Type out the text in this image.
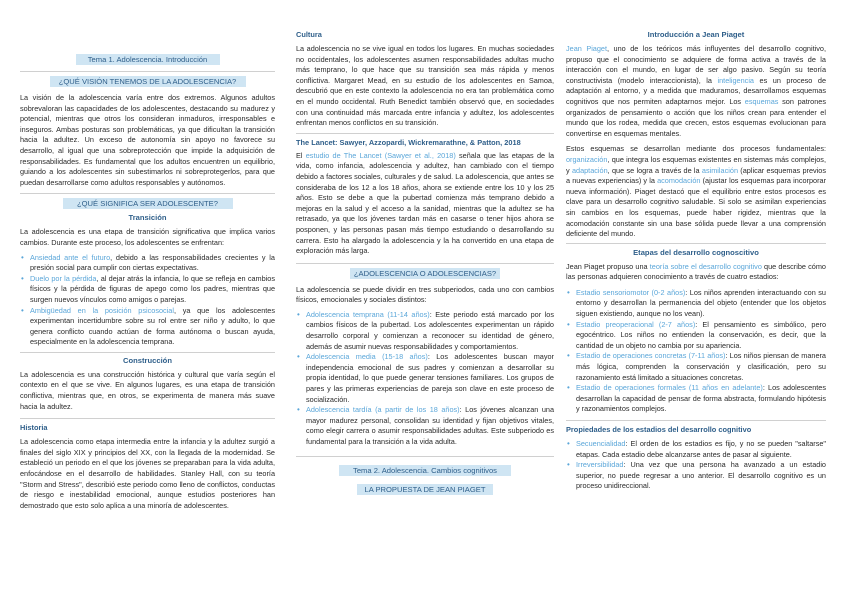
Tema 1. Adolescencia. Introducción
¿QUÉ VISIÓN TENEMOS DE LA ADOLESCENCIA?

La visión de la adolescencia varía entre dos extremos. Algunos adultos sobrevaloran las capacidades de los adolescentes, destacando su madurez y potencial, mientras que otros los consideran inmaduros, irresponsables e inseguros. Ambas posturas son problemáticas, ya que dificultan la transición hacia la adultez. Un exceso de autonomía sin apoyo no favorece su desarrollo, al igual que una sobreprotección que impide la adquisición de responsabilidades. Es fundamental que los adultos encuentren un equilibrio, guiando a los adolescentes sin subestimarlos ni sobreprotegerlos, para que puedan desarrollarse como adultos responsables y autónomos.

¿QUÉ SIGNIFICA SER ADOLESCENTE?
Transición

La adolescencia es una etapa de transición significativa que implica varios cambios. Durante este proceso, los adolescentes se enfrentan:

• Ansiedad ante el futuro, debido a las responsabilidades crecientes y la presión social para cumplir con ciertas expectativas.
• Duelo por la pérdida, al dejar atrás la infancia, lo que se refleja en cambios físicos y la pérdida de figuras de apego como los padres, mientras que surgen nuevos vínculos como amigos o parejas.
• Ambigüedad en la posición psicosocial, ya que los adolescentes experimentan incertidumbre sobre su rol entre ser niño y adulto, lo que genera conflicto cuando actúan de forma autónoma o buscan ayuda, especialmente en la adolescencia temprana.
Construcción

La adolescencia es una construcción histórica y cultural que varía según el contexto en el que se vive. En algunos lugares, es una etapa de transición conflictiva, mientras que, en otros, se experimenta de manera más suave hacia la adultez.

Historia

La adolescencia como etapa intermedia entre la infancia y la adultez surgió a finales del siglo XIX y principios del XX, con la llegada de la modernidad. Se estableció un periodo en el que los jóvenes se preparaban para la vida adulta, enfocándose en el desarrollo de habilidades. Stanley Hall, con su teoría "Storm and Stress", describió este periodo como lleno de conflictos, conductas de riesgo e inestabilidad emocional, aunque estudios posteriores han demostrado que esto solo aplica a una minoría de adolescentes.

Cultura

La adolescencia no se vive igual en todos los lugares. En muchas sociedades no occidentales, los adolescentes asumen responsabilidades adultas mucho más temprano, lo que hace que su transición sea más rápida y menos conflictiva. Margaret Mead, en su estudio de los adolescentes en Samoa, descubrió que en este contexto la adolescencia no era tan problemática como en el mundo occidental. Ruth Benedict también observó que, en sociedades con una continuidad más marcada entre infancia y adultez, los adolescentes enfrentan menos conflictos en su transición.

The Lancet: Sawyer, Azzopardi, Wickremarathne, & Patton, 2018

El estudio de The Lancet (Sawyer et al., 2018) señala que las etapas de la vida, como infancia, adolescencia y adultez, han cambiado con el tiempo debido a factores sociales, culturales y de salud. La adolescencia, que antes se consideraba de los 12 a los 18 años, ahora se extiende entre los 10 y los 25 años. Esto se debe a que la pubertad comienza más temprano debido a mejoras en la salud y el acceso a la sanidad, mientras que la adultez se ha retrasado, ya que los jóvenes tardan más en casarse o tener hijos ahora se posponen, y las personas pasan más tiempo estudiando o desarrollando su carrera. Esto ha alargado la adolescencia y la ha convertido en una etapa de exploración más larga.

¿ADOLESCENCIA O ADOLESCENCIAS?

La adolescencia se puede dividir en tres subperiodos, cada uno con cambios físicos, emocionales y sociales distintos:

• Adolescencia temprana (11-14 años): Este periodo está marcado por los cambios físicos de la pubertad. Los adolescentes experimentan un rápido desarrollo corporal y comienzan a reconocer su identidad de género, además de asumir nuevas responsabilidades y comportamientos.
• Adolescencia media (15-18 años): Los adolescentes buscan mayor independencia emocional de sus padres y comienzan a desarrollar su propia identidad, lo que puede generar tensiones familiares. Los grupos de pares y las primeras experiencias de pareja son clave en este proceso de socialización.
• Adolescencia tardía (a partir de los 18 años): Los jóvenes alcanzan una mayor madurez personal, consolidan su identidad y fijan objetivos vitales, como elegir carrera o asumir responsabilidades adultas. Este subperiodo es fundamental para la transición a la vida adulta.
Tema 2. Adolescencia. Cambios cognitivos
LA PROPUESTA DE JEAN PIAGET
Introducción a Jean Piaget

Jean Piaget, uno de los teóricos más influyentes del desarrollo cognitivo, propuso que el conocimiento se adquiere de forma activa a través de la interacción con el mundo, en lugar de ser algo pasivo. Según su teoría constructivista (modelo interaccionista), la inteligencia es un proceso de adaptación al entorno, y a medida que maduramos, desarrollamos esquemas cognitivos que nos permiten adaptarnos mejor. Los esquemas son patrones organizados de pensamiento o acción que los niños crean para entender el mundo que los rodea, medida que crecen, estos esquemas evolucionan para convertirse en esquemas mentales.

Estos esquemas se desarrollan mediante dos procesos fundamentales: organización, que integra los esquemas existentes en sistemas más complejos, y adaptación, que se logra a través de la asimilación (aplicar esquemas previos a nuevas experiencias) y la acomodación (ajustar los esquemas para incorporar nueva información). Piaget destacó que el equilibrio entre estos procesos es clave para un desarrollo cognitivo saludable. Si solo se asimilan experiencias sin cambios en los esquemas, puede haber rigidez, mientras que la acomodación constante sin una base sólida puede llevar a una comprensión deficiente del mundo.

Etapas del desarrollo cognoscitivo

Jean Piaget propuso una teoría sobre el desarrollo cognitivo que describe cómo las personas adquieren conocimiento a través de cuatro estadios:

• Estadio sensoriomotor (0-2 años): Los niños aprenden interactuando con su entorno y desarrollan la permanencia del objeto (entender que los objetos siguen existiendo, aunque no los vean).
• Estadio preoperacional (2-7 años): El pensamiento es simbólico, pero egocéntrico. Los niños no entienden la conservación, es decir, que la cantidad de un objeto no cambia por su apariencia.
• Estadio de operaciones concretas (7-11 años): Los niños piensan de manera más lógica, comprenden la conservación y clasificación, pero su razonamiento está limitado a situaciones concretas.
• Estadio de operaciones formales (11 años en adelante): Los adolescentes desarrollan la capacidad de pensar de forma abstracta, formulando hipótesis y razonamientos complejos.
Propiedades de los estadios del desarrollo cognitivo
• Secuencialidad: El orden de los estadios es fijo, y no se pueden "saltarse" etapas. Cada estadio debe alcanzarse antes de pasar al siguiente.
• Irreversibilidad: Una vez que una persona ha avanzado a un estadio superior, no puede regresar a uno anterior. El desarrollo cognitivo es un proceso unidireccional.
